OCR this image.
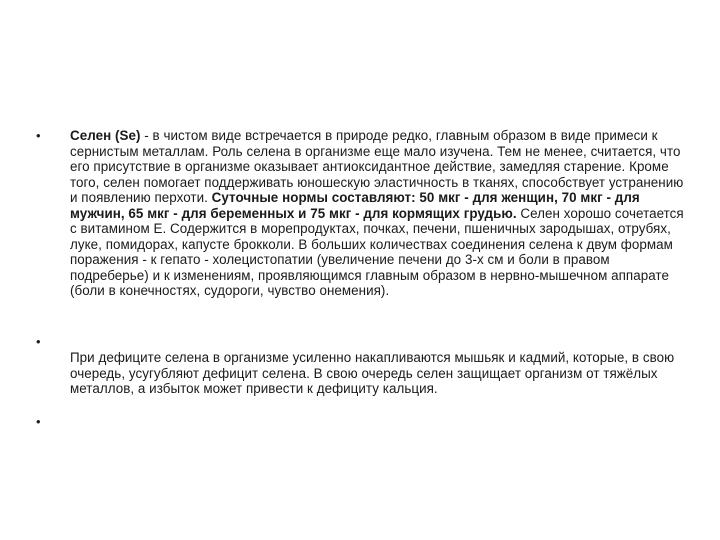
• Селен (Se) - в чистом виде встречается в природе редко, главным образом в виде примеси к сернистым металлам. Роль селена в организме еще мало изучена. Тем не менее, считается, что его присутствие в организме оказывает антиоксидантное действие, замедляя старение. Кроме того, селен помогает поддерживать юношескую эластичность в тканях, способствует устранению и появлению перхоти. Суточные нормы составляют: 50 мкг - для женщин, 70 мкг - для мужчин, 65 мкг - для беременных и 75 мкг - для кормящих грудью. Селен хорошо сочетается с витамином Е. Содержится в морепродуктах, почках, печени, пшеничных зародышах, отрубях, луке, помидорах, капусте брокколи. В больших количествах соединения селена к двум формам поражения - к гепато - холецистопатии (увеличение печени до 3-х см и боли в правом подреберье) и к изменениям, проявляющимся главным образом в нервно-мышечном аппарате (боли в конечностях, судороги, чувство онемения).
•
При дефиците селена в организме усиленно накапливаются мышьяк и кадмий, которые, в свою очередь, усугубляют дефицит селена. В свою очередь селен защищает организм от тяжёлых металлов, а избыток может привести к дефициту кальция.
•
